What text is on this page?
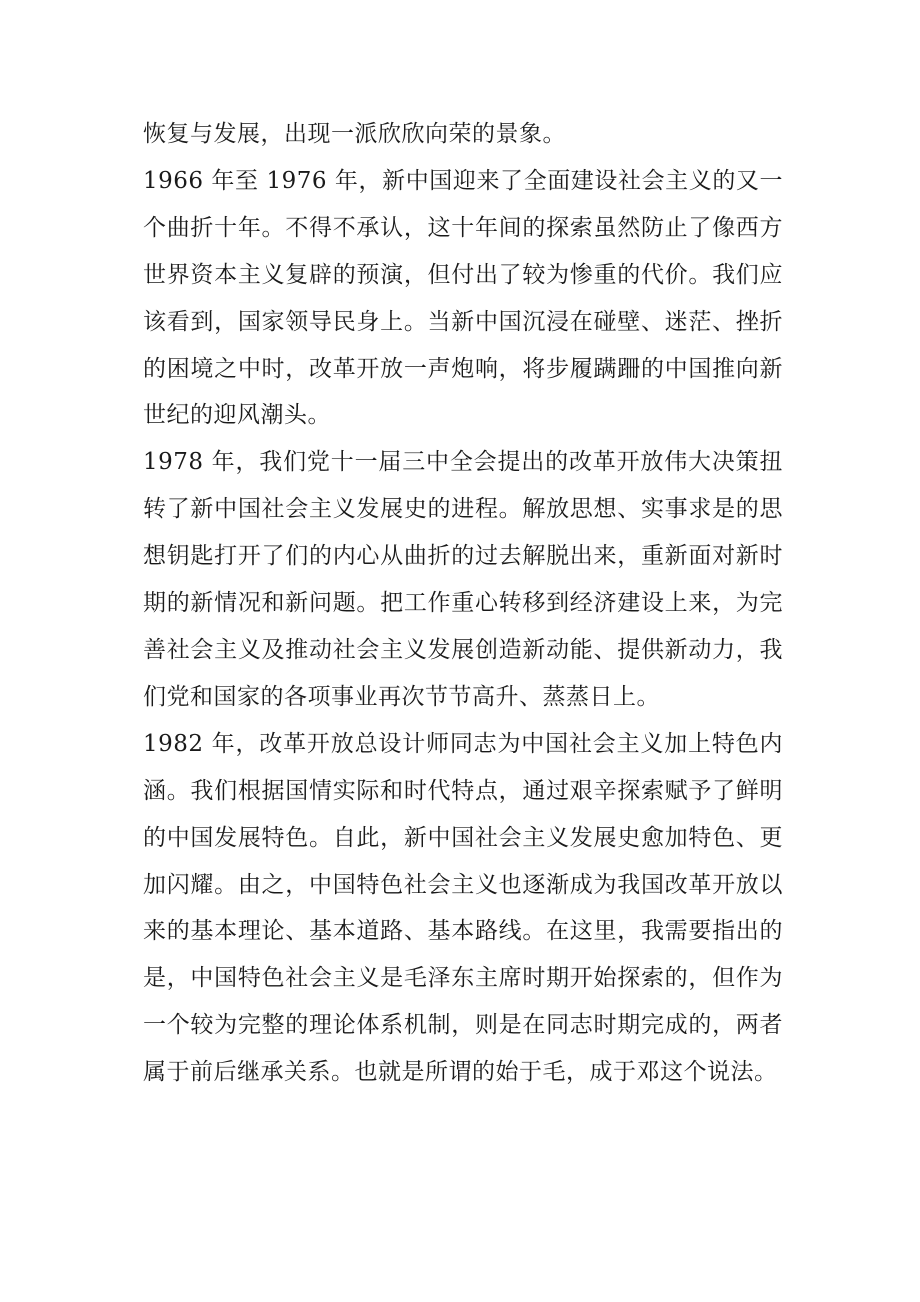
恢复与发展，出现一派欣欣向荣的景象。

1966 年至 1976 年，新中国迎来了全面建设社会主义的又一个曲折十年。不得不承认，这十年间的探索虽然防止了像西方世界资本主义复辟的预演，但付出了较为惨重的代价。我们应该看到，国家领导民身上。当新中国沉浸在碰壁、迷茫、挫折的困境之中时，改革开放一声炮响，将步履蹒跚的中国推向新世纪的迎风潮头。

1978 年，我们党十一届三中全会提出的改革开放伟大决策扭转了新中国社会主义发展史的进程。解放思想、实事求是的思想钥匙打开了们的内心从曲折的过去解脱出来，重新面对新时期的新情况和新问题。把工作重心转移到经济建设上来，为完善社会主义及推动社会主义发展创造新动能、提供新动力，我们党和国家的各项事业再次节节高升、蒸蒸日上。

1982 年，改革开放总设计师同志为中国社会主义加上特色内涵。我们根据国情实际和时代特点，通过艰辛探索赋予了鲜明的中国发展特色。自此，新中国社会主义发展史愈加特色、更加闪耀。由之，中国特色社会主义也逐渐成为我国改革开放以来的基本理论、基本道路、基本路线。在这里，我需要指出的是，中国特色社会主义是毛泽东主席时期开始探索的，但作为一个较为完整的理论体系机制，则是在同志时期完成的，两者属于前后继承关系。也就是所谓的始于毛，成于邓这个说法。
